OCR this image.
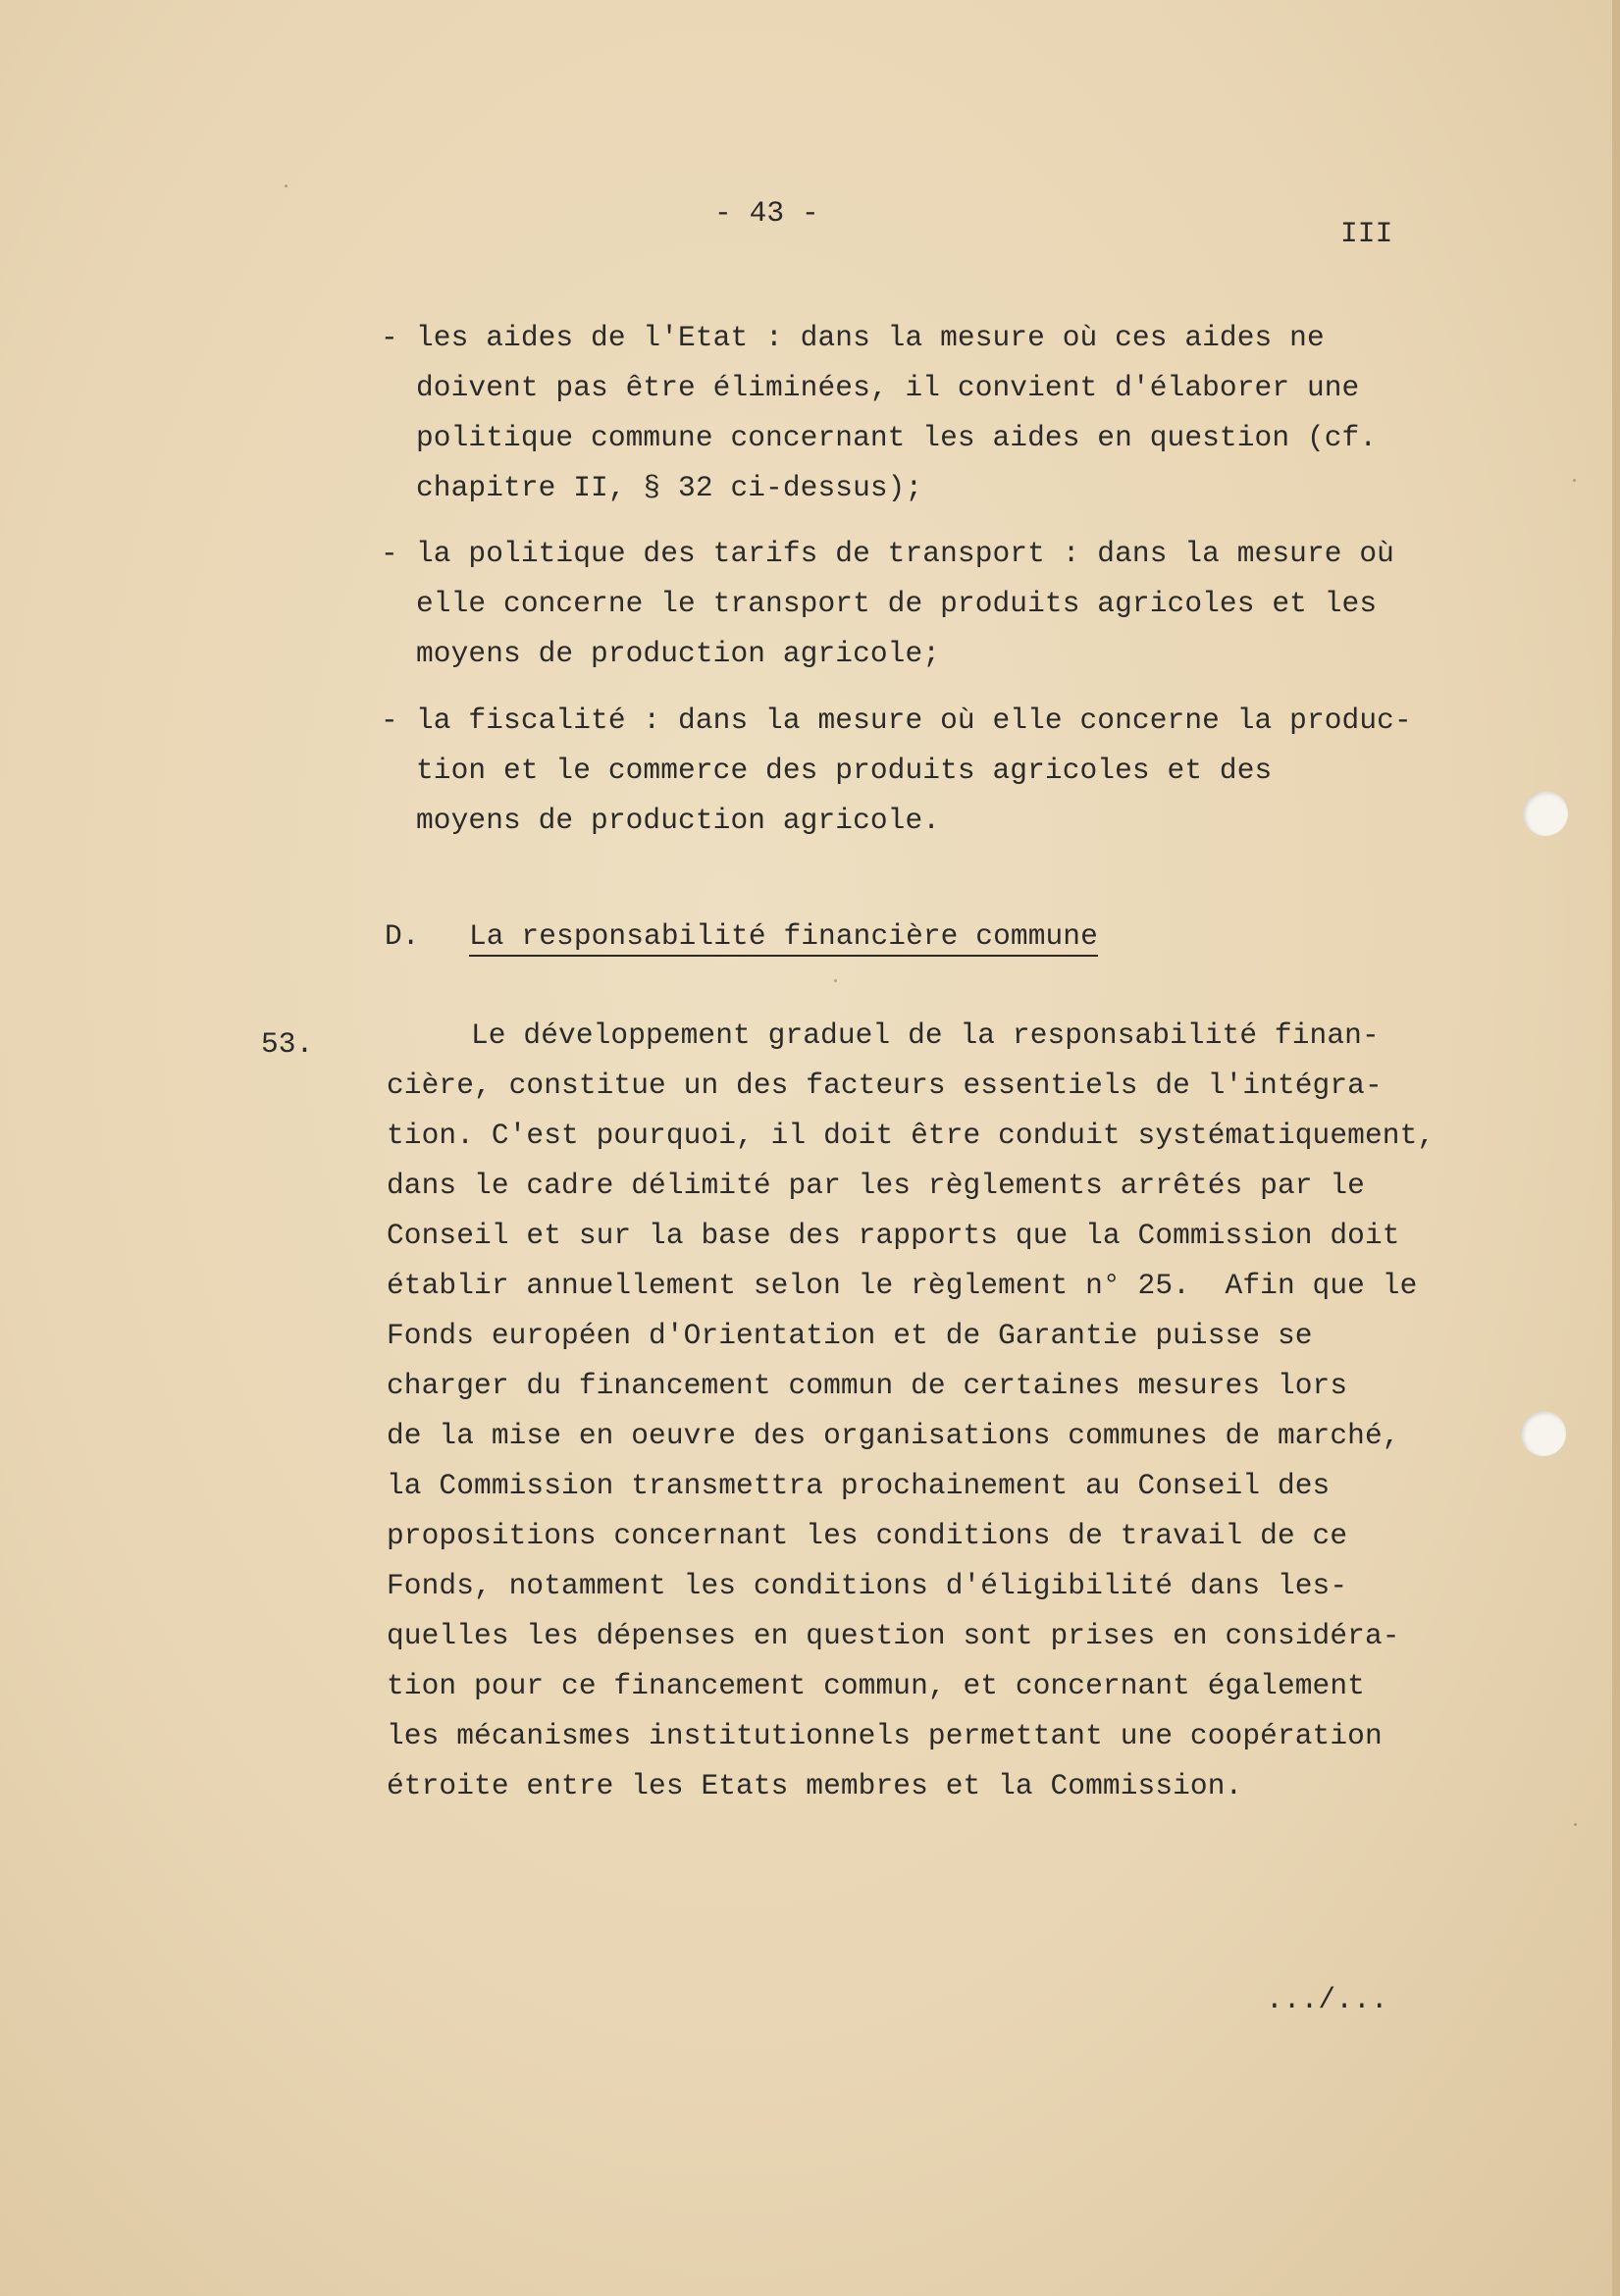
- 43 -
III
- les aides de l'Etat : dans la mesure où ces aides ne
doivent pas être éliminées, il convient d'élaborer une
politique commune concernant les aides en question (cf.
chapitre II, § 32 ci-dessus);
- la politique des tarifs de transport : dans la mesure où
elle concerne le transport de produits agricoles et les
moyens de production agricole;
- la fiscalité : dans la mesure où elle concerne la produc-
tion et le commerce des produits agricoles et des
moyens de production agricole.
D. La responsabilité financière commune
53.	Le développement graduel de la responsabilité finan-
cière, constitue un des facteurs essentiels de l'intégra-
tion. C'est pourquoi, il doit être conduit systématiquement,
dans le cadre délimité par les règlements arrêtés par le
Conseil et sur la base des rapports que la Commission doit
établir annuellement selon le règlement n° 25.  Afin que le
Fonds européen d'Orientation et de Garantie puisse se
charger du financement commun de certaines mesures lors
de la mise en oeuvre des organisations communes de marché,
la Commission transmettra prochainement au Conseil des
propositions concernant les conditions de travail de ce
Fonds, notamment les conditions d'éligibilité dans les-
quelles les dépenses en question sont prises en considéra-
tion pour ce financement commun, et concernant également
les mécanismes institutionnels permettant une coopération
étroite entre les Etats membres et la Commission.
.../...
